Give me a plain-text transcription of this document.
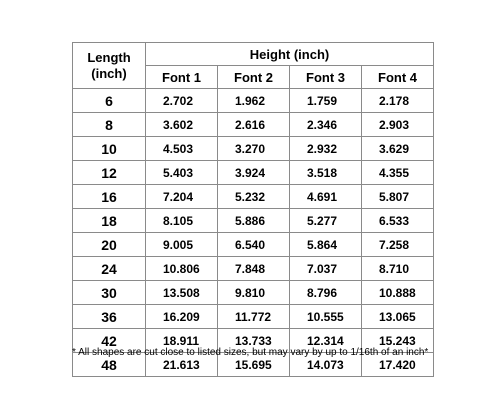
Length
(inch)	Height (inch)			
	Font 1	Font 2	Font 3	Font 4
6	2.702	1.962	1.759	2.178
8	3.602	2.616	2.346	2.903
10	4.503	3.270	2.932	3.629
12	5.403	3.924	3.518	4.355
16	7.204	5.232	4.691	5.807
18	8.105	5.886	5.277	6.533
20	9.005	6.540	5.864	7.258
24	10.806	7.848	7.037	8.710
30	13.508	9.810	8.796	10.888
36	16.209	11.772	10.555	13.065
42	18.911	13.733	12.314	15.243
48	21.613	15.695	14.073	17.420
* All shapes are cut close to listed sizes, but may vary by up to 1/16th of an inch*
